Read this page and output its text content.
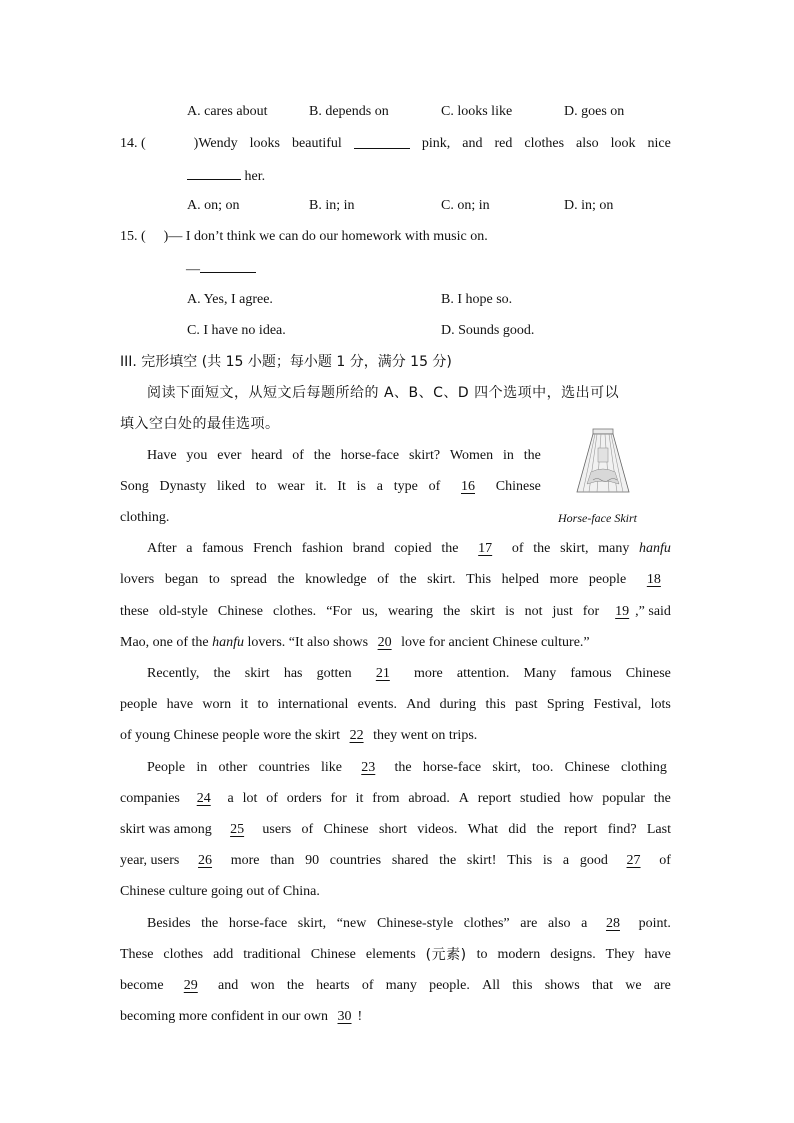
A. cares about	B. depends on	C. looks like	D. goes on
14. (	)Wendy looks beautiful	pink, and red clothes also look nice
her.
A. on; on	B. in; in	C. on; in	D. in; on
15. ( )— I don’t think we can do our homework with music on.
—
A. Yes, I agree.	B. I hope so.
C. I have no idea.	D. Sounds good.
III. 完形填空 (共 15 小题；每小题 1 分，满分 15 分)
阅读下面短文，从短文后每题所给的 A、B、C、D 四个选项中，选出可以
填入空白处的最佳选项。
Horse-face Skirt
Have you ever heard of the horse-face skirt? Women in the
Song Dynasty liked to wear it. It is a type of	16	Chinese
clothing.
After a famous French fashion brand copied the	17	of the skirt, many hanfu
lovers began to spread the knowledge of the skirt. This helped more people	18
these old-style Chinese clothes. “For us, wearing the skirt is not just for	19 ,” said
Mao, one of the hanfu lovers. “It also shows 20 love for ancient Chinese culture.”
Recently, the skirt has gotten	21	more attention. Many famous Chinese
people have worn it to international events. And during this past Spring Festival, lots
of young Chinese people wore the skirt 22 they went on trips.
People in other countries like	23	the horse-face skirt, too. Chinese clothing
companies	24	a lot of orders for it from abroad. A report studied how popular the
skirt was among	25	users of Chinese short videos. What did the report find? Last
year, users	26	more than 90 countries shared the skirt! This is a good	27	of
Chinese culture going out of China.
Besides the horse-face skirt, “new Chinese-style clothes” are also a	28	point.
These clothes add traditional Chinese elements (元素) to modern designs. They have
become	29	and won the hearts of many people. All this shows that we are
becoming more confident in our own 30 !
